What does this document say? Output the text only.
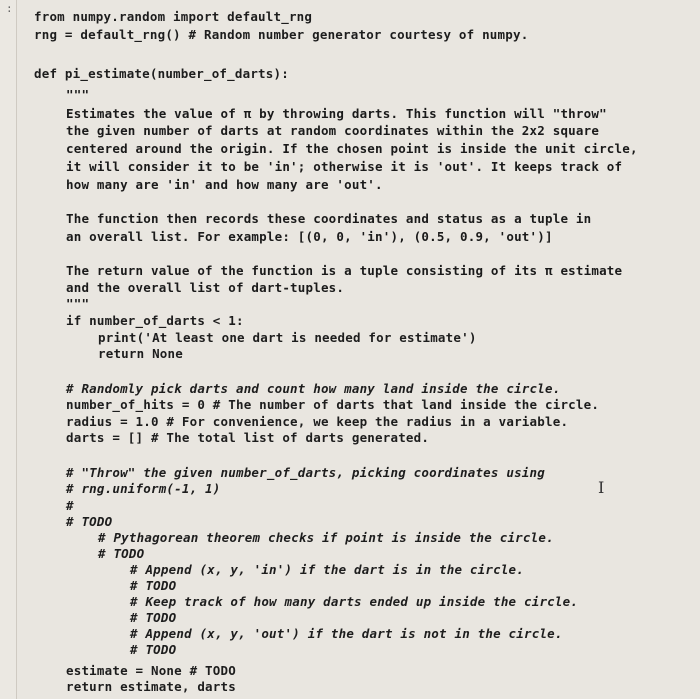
:
from numpy.random import default_rng
rng = default_rng() # Random number generator courtesy of numpy.
def pi_estimate(number_of_darts):
"""
Estimates the value of π by throwing darts. This function will "throw"
the given number of darts at random coordinates within the 2x2 square
centered around the origin. If the chosen point is inside the unit circle,
it will consider it to be 'in'; otherwise it is 'out'. It keeps track of
how many are 'in' and how many are 'out'.
The function then records these coordinates and status as a tuple in
an overall list. For example: [(0, 0, 'in'), (0.5, 0.9, 'out')]
The return value of the function is a tuple consisting of its π estimate
and the overall list of dart-tuples.
"""
if number_of_darts < 1:
print('At least one dart is needed for estimate')
return None
# Randomly pick darts and count how many land inside the circle.
number_of_hits = 0 # The number of darts that land inside the circle.
radius = 1.0 # For convenience, we keep the radius in a variable.
darts = [] # The total list of darts generated.
# "Throw" the given number_of_darts, picking coordinates using
# rng.uniform(-1, 1)
#
# TODO
# Pythagorean theorem checks if point is inside the circle.
# TODO
# Append (x, y, 'in') if the dart is in the circle.
# TODO
# Keep track of how many darts ended up inside the circle.
# TODO
# Append (x, y, 'out') if the dart is not in the circle.
# TODO
estimate = None # TODO
return estimate, darts
I
